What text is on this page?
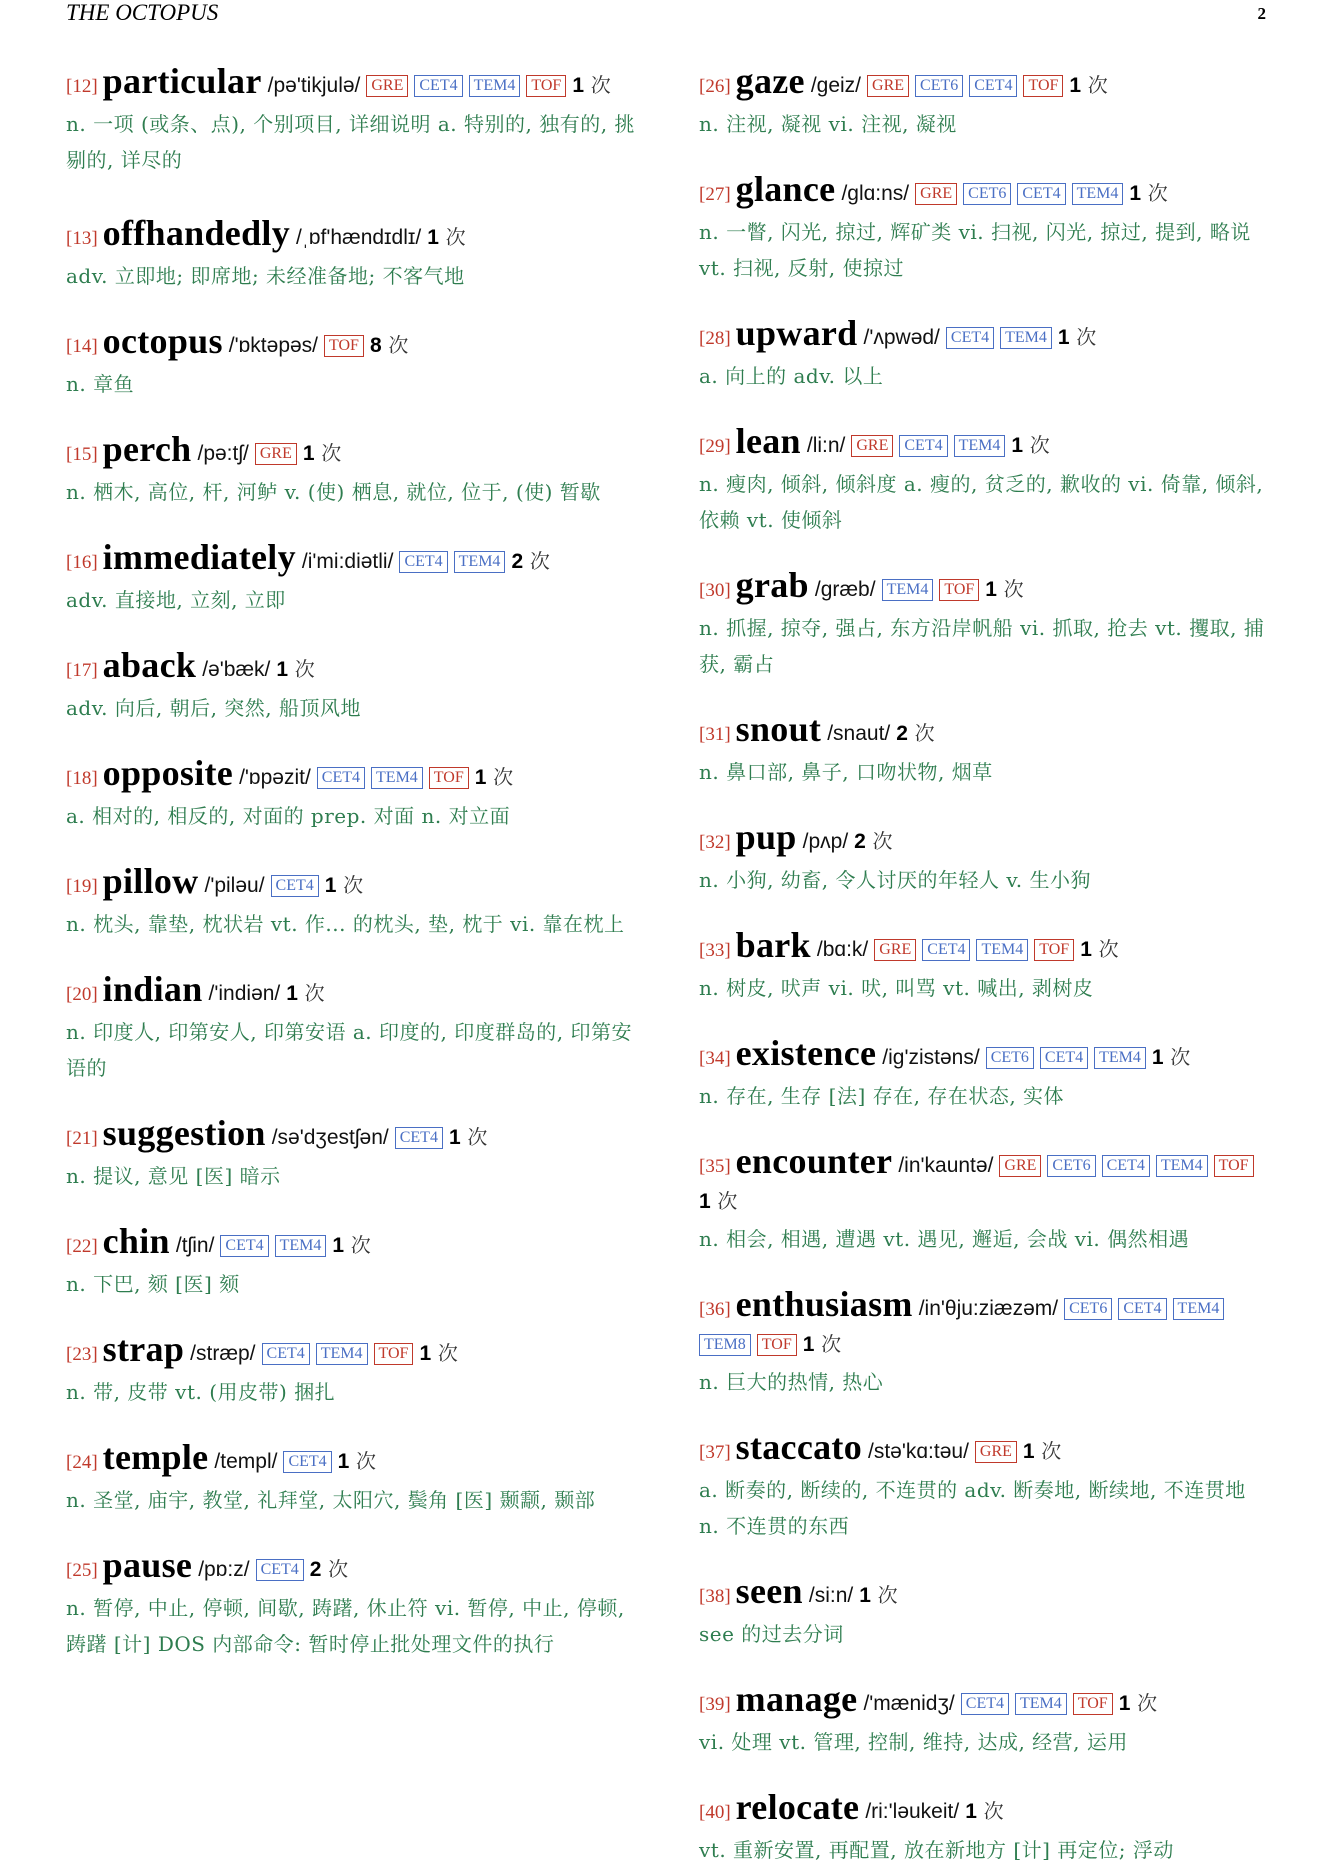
THE OCTOPUS	2
[12] particular /pə'tikjulə/ GRE CET4 TEM4 TOF 1 次
n. 一项 (或条、点), 个别项目, 详细说明 a. 特别的, 独有的, 挑剔的, 详尽的
[13] offhandedly /ˌɒf'hændɪdlɪ/ 1 次
adv. 立即地; 即席地; 未经准备地; 不客气地
[14] octopus /'ɒktəpəs/ TOF 8 次
n. 章鱼
[15] perch /pə:tʃ/ GRE 1 次
n. 栖木, 高位, 杆, 河鲈 v. (使) 栖息, 就位, 位于, (使) 暂歇
[16] immediately /i'mi:diətli/ CET4 TEM4 2 次
adv. 直接地, 立刻, 立即
[17] aback /ə'bæk/ 1 次
adv. 向后, 朝后, 突然, 船顶风地
[18] opposite /'ɒpəzit/ CET4 TEM4 TOF 1 次
a. 相对的, 相反的, 对面的 prep. 对面 n. 对立面
[19] pillow /'piləu/ CET4 1 次
n. 枕头, 靠垫, 枕状岩 vt. 作... 的枕头, 垫, 枕于 vi. 靠在枕上
[20] indian /'indiən/ 1 次
n. 印度人, 印第安人, 印第安语 a. 印度的, 印度群岛的, 印第安语的
[21] suggestion /sə'dʒestʃən/ CET4 1 次
n. 提议, 意见 [医] 暗示
[22] chin /tʃin/ CET4 TEM4 1 次
n. 下巴, 颏 [医] 颏
[23] strap /stræp/ CET4 TEM4 TOF 1 次
n. 带, 皮带 vt. (用皮带) 捆扎
[24] temple /templ/ CET4 1 次
n. 圣堂, 庙宇, 教堂, 礼拜堂, 太阳穴, 鬓角 [医] 颞颥, 颞部
[25] pause /pɒ:z/ CET4 2 次
n. 暂停, 中止, 停顿, 间歇, 踌躇, 休止符 vi. 暂停, 中止, 停顿, 踌躇 [计] DOS 内部命令: 暂时停止批处理文件的执行
[26] gaze /geiz/ GRE CET6 CET4 TOF 1 次
n. 注视, 凝视 vi. 注视, 凝视
[27] glance /glɑ:ns/ GRE CET6 CET4 TEM4 1 次
n. 一瞥, 闪光, 掠过, 辉矿类 vi. 扫视, 闪光, 掠过, 提到, 略说 vt. 扫视, 反射, 使掠过
[28] upward /'ʌpwəd/ CET4 TEM4 1 次
a. 向上的 adv. 以上
[29] lean /li:n/ GRE CET4 TEM4 1 次
n. 瘦肉, 倾斜, 倾斜度 a. 瘦的, 贫乏的, 歉收的 vi. 倚靠, 倾斜, 依赖 vt. 使倾斜
[30] grab /græb/ TEM4 TOF 1 次
n. 抓握, 掠夺, 强占, 东方沿岸帆船 vi. 抓取, 抢去 vt. 攫取, 捕获, 霸占
[31] snout /snaut/ 2 次
n. 鼻口部, 鼻子, 口吻状物, 烟草
[32] pup /pʌp/ 2 次
n. 小狗, 幼畜, 令人讨厌的年轻人 v. 生小狗
[33] bark /bɑ:k/ GRE CET4 TEM4 TOF 1 次
n. 树皮, 吠声 vi. 吠, 叫骂 vt. 喊出, 剥树皮
[34] existence /ig'zistəns/ CET6 CET4 TEM4 1 次
n. 存在, 生存 [法] 存在, 存在状态, 实体
[35] encounter /in'kauntə/ GRE CET6 CET4 TEM4 TOF1 次
n. 相会, 相遇, 遭遇 vt. 遇见, 邂逅, 会战 vi. 偶然相遇
[36] enthusiasm /in'θju:ziæzəm/ CET6 CET4 TEM4TEM8 TOF 1 次
n. 巨大的热情, 热心
[37] staccato /stə'kɑ:təu/ GRE 1 次
a. 断奏的, 断续的, 不连贯的 adv. 断奏地, 断续地, 不连贯地 n. 不连贯的东西
[38] seen /si:n/ 1 次
see 的过去分词
[39] manage /'mænidʒ/ CET4 TEM4 TOF 1 次
vi. 处理 vt. 管理, 控制, 维持, 达成, 经营, 运用
[40] relocate /ri:'ləukeit/ 1 次
vt. 重新安置, 再配置, 放在新地方 [计] 再定位; 浮动
